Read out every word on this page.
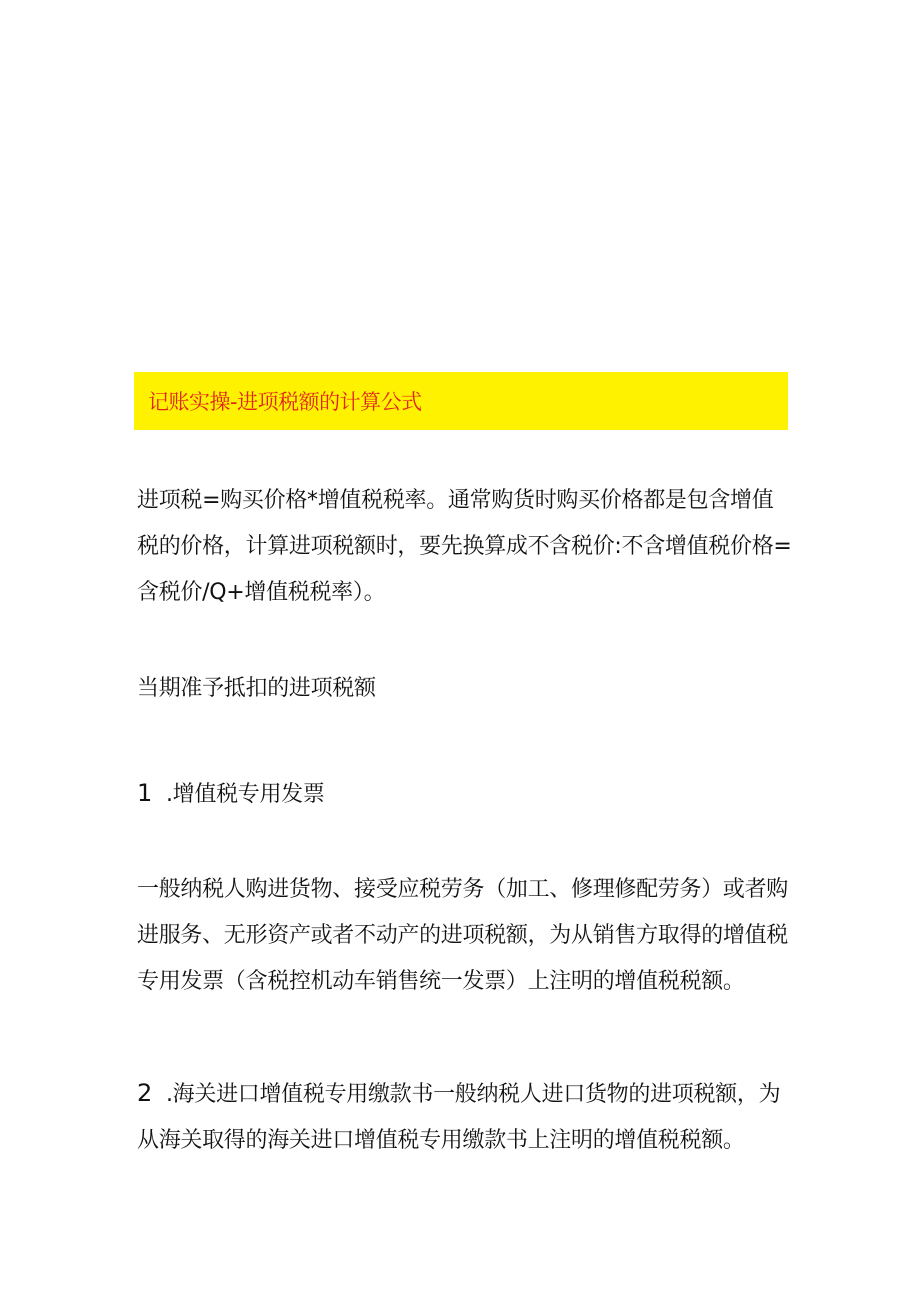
记账实操-进项税额的计算公式

进项税=购买价格*增值税税率。通常购货时购买价格都是包含增值
税的价格，计算进项税额时，要先换算成不含税价:不含增值税价格=
含税价/Q+增值税税率）。

当期准予抵扣的进项税额

1 .增值税专用发票

一般纳税人购进货物、接受应税劳务（加工、修理修配劳务）或者购
进服务、无形资产或者不动产的进项税额，为从销售方取得的增值税
专用发票（含税控机动车销售统一发票）上注明的增值税税额。

2 .海关进口增值税专用缴款书一般纳税人进口货物的进项税额，为
从海关取得的海关进口增值税专用缴款书上注明的增值税税额。
